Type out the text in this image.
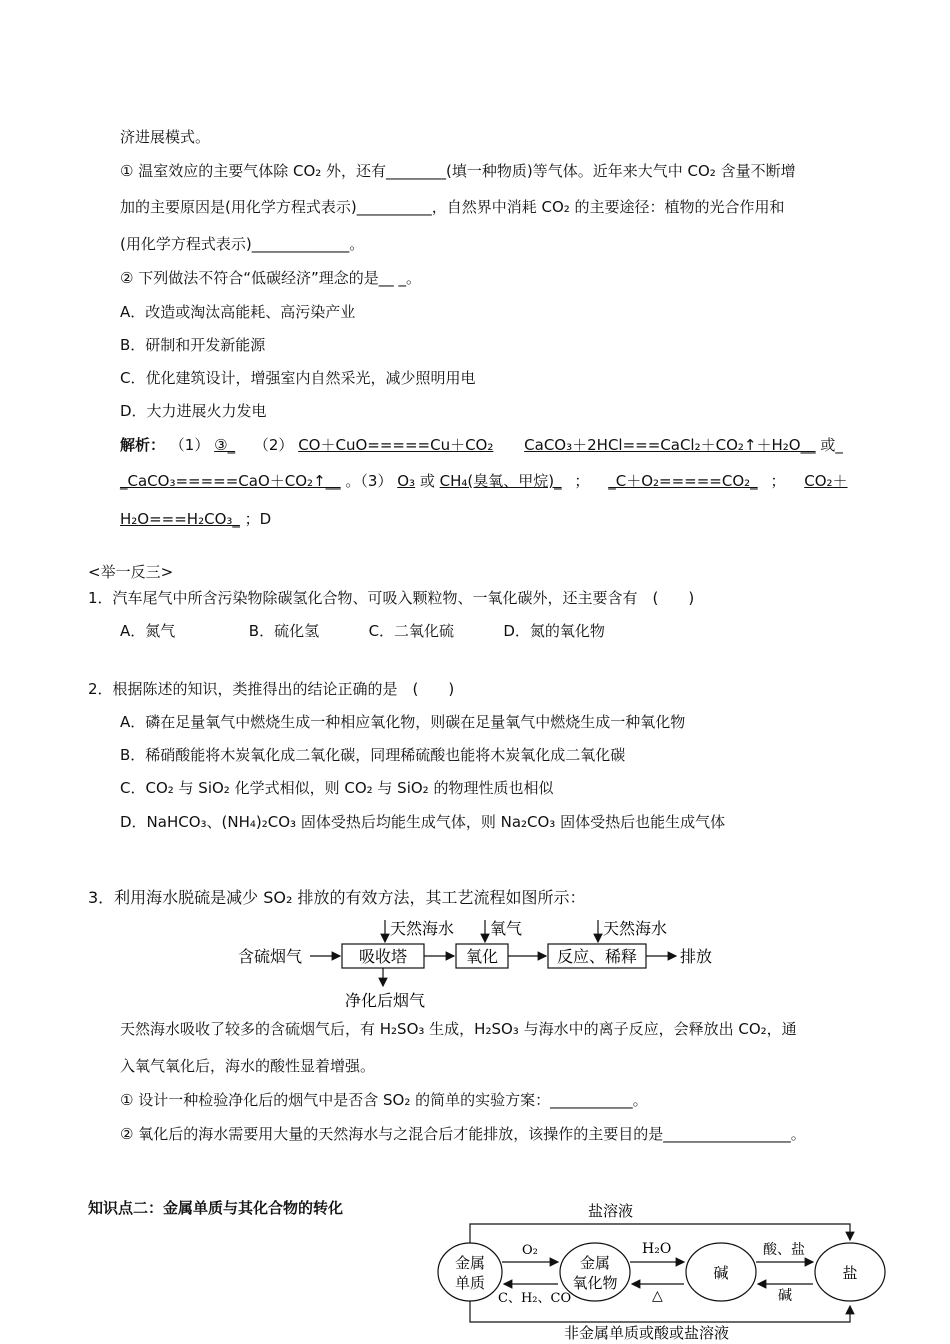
济进展模式。
① 温室效应的主要气体除 CO₂ 外，还有________(填一种物质)等气体。近年来大气中 CO₂ 含量不断增
加的主要原因是(用化学方程式表示)__________，自然界中消耗 CO₂ 的主要途径：植物的光合作用和
(用化学方程式表示)_____________。
② 下列做法不符合“低碳经济”理念的是__ _。
A．改造或淘汰高能耗、高污染产业
B．研制和开发新能源
C．优化建筑设计，增强室内自然采光，减少照明用电
D．大力进展火力发电
解析： （1） ③_ （2） CO＋CuO=====Cu＋CO₂ CaCO₃＋2HCl===CaCl₂＋CO₂↑＋H₂O__ 或_
_CaCO₃=====CaO＋CO₂↑__ 。（3） O₃ 或 CH₄(臭氧、甲烷)_ ； _C＋O₂=====CO₂_ ； CO₂＋
H₂O===H₂CO₃_ ；D
<举一反三>
1．汽车尾气中所含污染物除碳氢化合物、可吸入颗粒物、一氧化碳外，还主要含有　(　　)
A．氮气	B．硫化氢	C．二氧化硫	D．氮的氧化物
2．根据陈述的知识，类推得出的结论正确的是　(　　)
A．磷在足量氧气中燃烧生成一种相应氧化物，则碳在足量氧气中燃烧生成一种氧化物
B．稀硝酸能将木炭氧化成二氧化碳，同理稀硫酸也能将木炭氧化成二氧化碳
C．CO₂ 与 SiO₂ 化学式相似，则 CO₂ 与 SiO₂ 的物理性质也相似
D．NaHCO₃、(NH₄)₂CO₃ 固体受热后均能生成气体，则 Na₂CO₃ 固体受热后也能生成气体
3．利用海水脱硫是减少 SO₂ 排放的有效方法，其工艺流程如图所示：
含硫烟气	吸收塔	氧化	反应、稀释	排放
天然海水 氧气	天然海水
净化后烟气
天然海水吸收了较多的含硫烟气后，有 H₂SO₃ 生成，H₂SO₃ 与海水中的离子反应，会释放出 CO₂，通
入氧气氧化后，海水的酸性显着增强。
① 设计一种检验净化后的烟气中是否含 SO₂ 的简单的实验方案：___________。
② 氧化后的海水需要用大量的天然海水与之混合后才能排放，该操作的主要目的是_________________。
知识点二：金属单质与其化合物的转化	盐溶液
非金属单质或酸或盐溶液
金属
单质
金属
氧化物
碱	盐
O₂
C、H₂、CO
H₂O
△
酸、盐
碱
